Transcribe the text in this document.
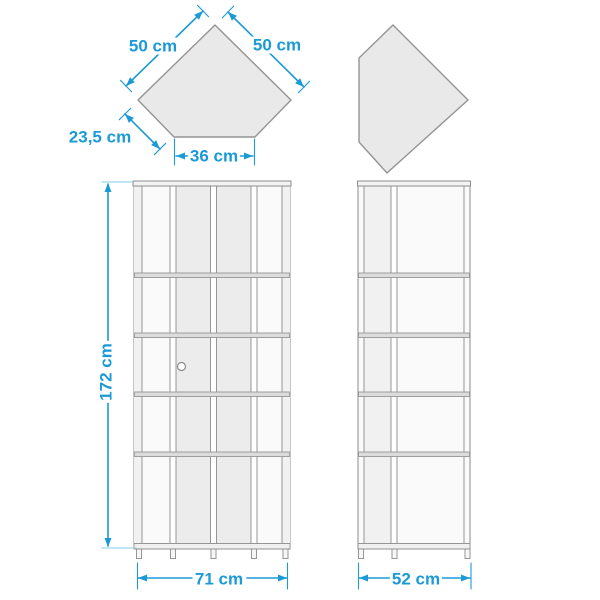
50 cm	50 cm
23,5 cm
36 cm
172 cm
71 cm	52 cm
